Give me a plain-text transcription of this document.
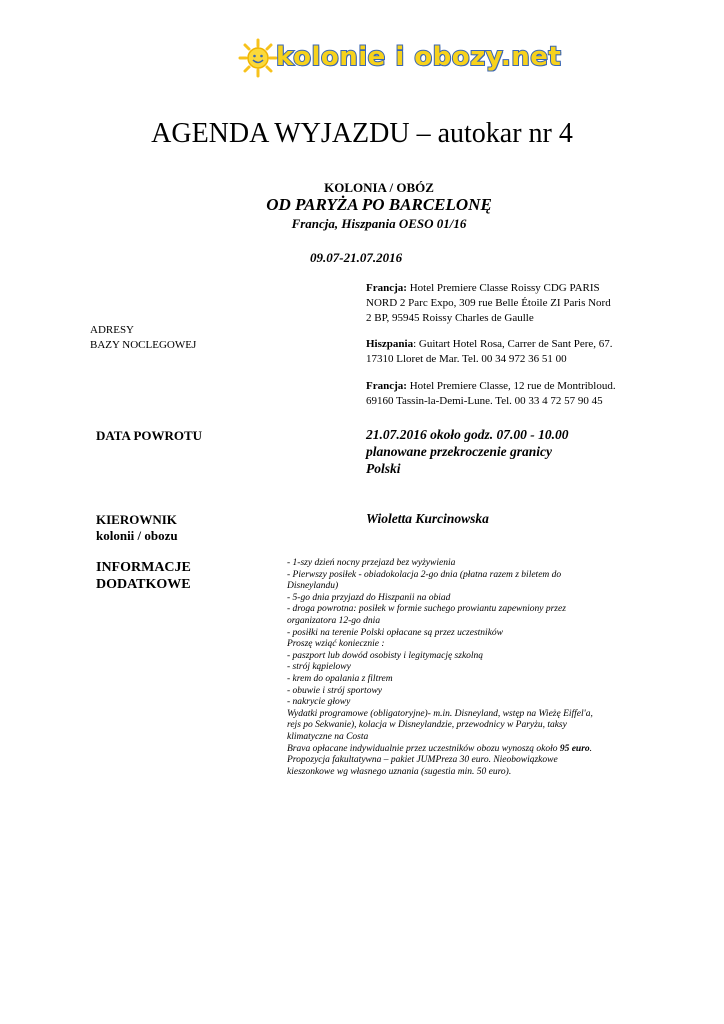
kolonie i obozy.net
AGENDA WYJAZDU – autokar nr 4
KOLONIA / OBÓZ
OD PARYŻA PO BARCELONĘ
Francja, Hiszpania OESO 01/16
09.07-21.07.2016
ADRESY
BAZY NOCLEGOWEJ
Francja: Hotel Premiere Classe Roissy CDG PARIS
NORD 2 Parc Expo, 309 rue Belle Étoile ZI Paris Nord
2 BP, 95945 Roissy Charles de Gaulle
Hiszpania: Guitart Hotel Rosa, Carrer de Sant Pere, 67.
17310 Lloret de Mar. Tel. 00 34 972 36 51 00
Francja: Hotel Premiere Classe, 12 rue de Montribloud.
69160 Tassin-la-Demi-Lune. Tel. 00 33 4 72 57 90 45
DATA POWROTU	21.07.2016 około godz. 07.00 - 10.00
planowane przekroczenie granicy
Polski
KIEROWNIK
kolonii / obozu
Wioletta Kurcinowska
INFORMACJE
DODATKOWE
- 1-szy dzień nocny przejazd bez wyżywienia
- Pierwszy posiłek - obiadokolacja 2-go dnia (płatna razem z biletem do
Disneylandu)
- 5-go dnia przyjazd do Hiszpanii na obiad
- droga powrotna: posiłek w formie suchego prowiantu zapewniony przez
organizatora 12-go dnia
- posiłki na terenie Polski opłacane są przez uczestników
Proszę wziąć koniecznie :
- paszport lub dowód osobisty i legitymację szkolną
- strój kąpielowy
- krem do opalania z filtrem
- obuwie i strój sportowy
- nakrycie głowy
Wydatki programowe (obligatoryjne)- m.in. Disneyland, wstęp na Wieżę Eiffel'a,
rejs po Sekwanie), kolacja w Disneylandzie, przewodnicy w Paryżu, taksy
klimatyczne na Costa
Brava opłacane indywidualnie przez uczestników obozu wynoszą około 95 euro.
Propozycja fakultatywna – pakiet JUMPreza 30 euro. Nieobowiązkowe
kieszonkowe wg własnego uznania (sugestia min. 50 euro).
